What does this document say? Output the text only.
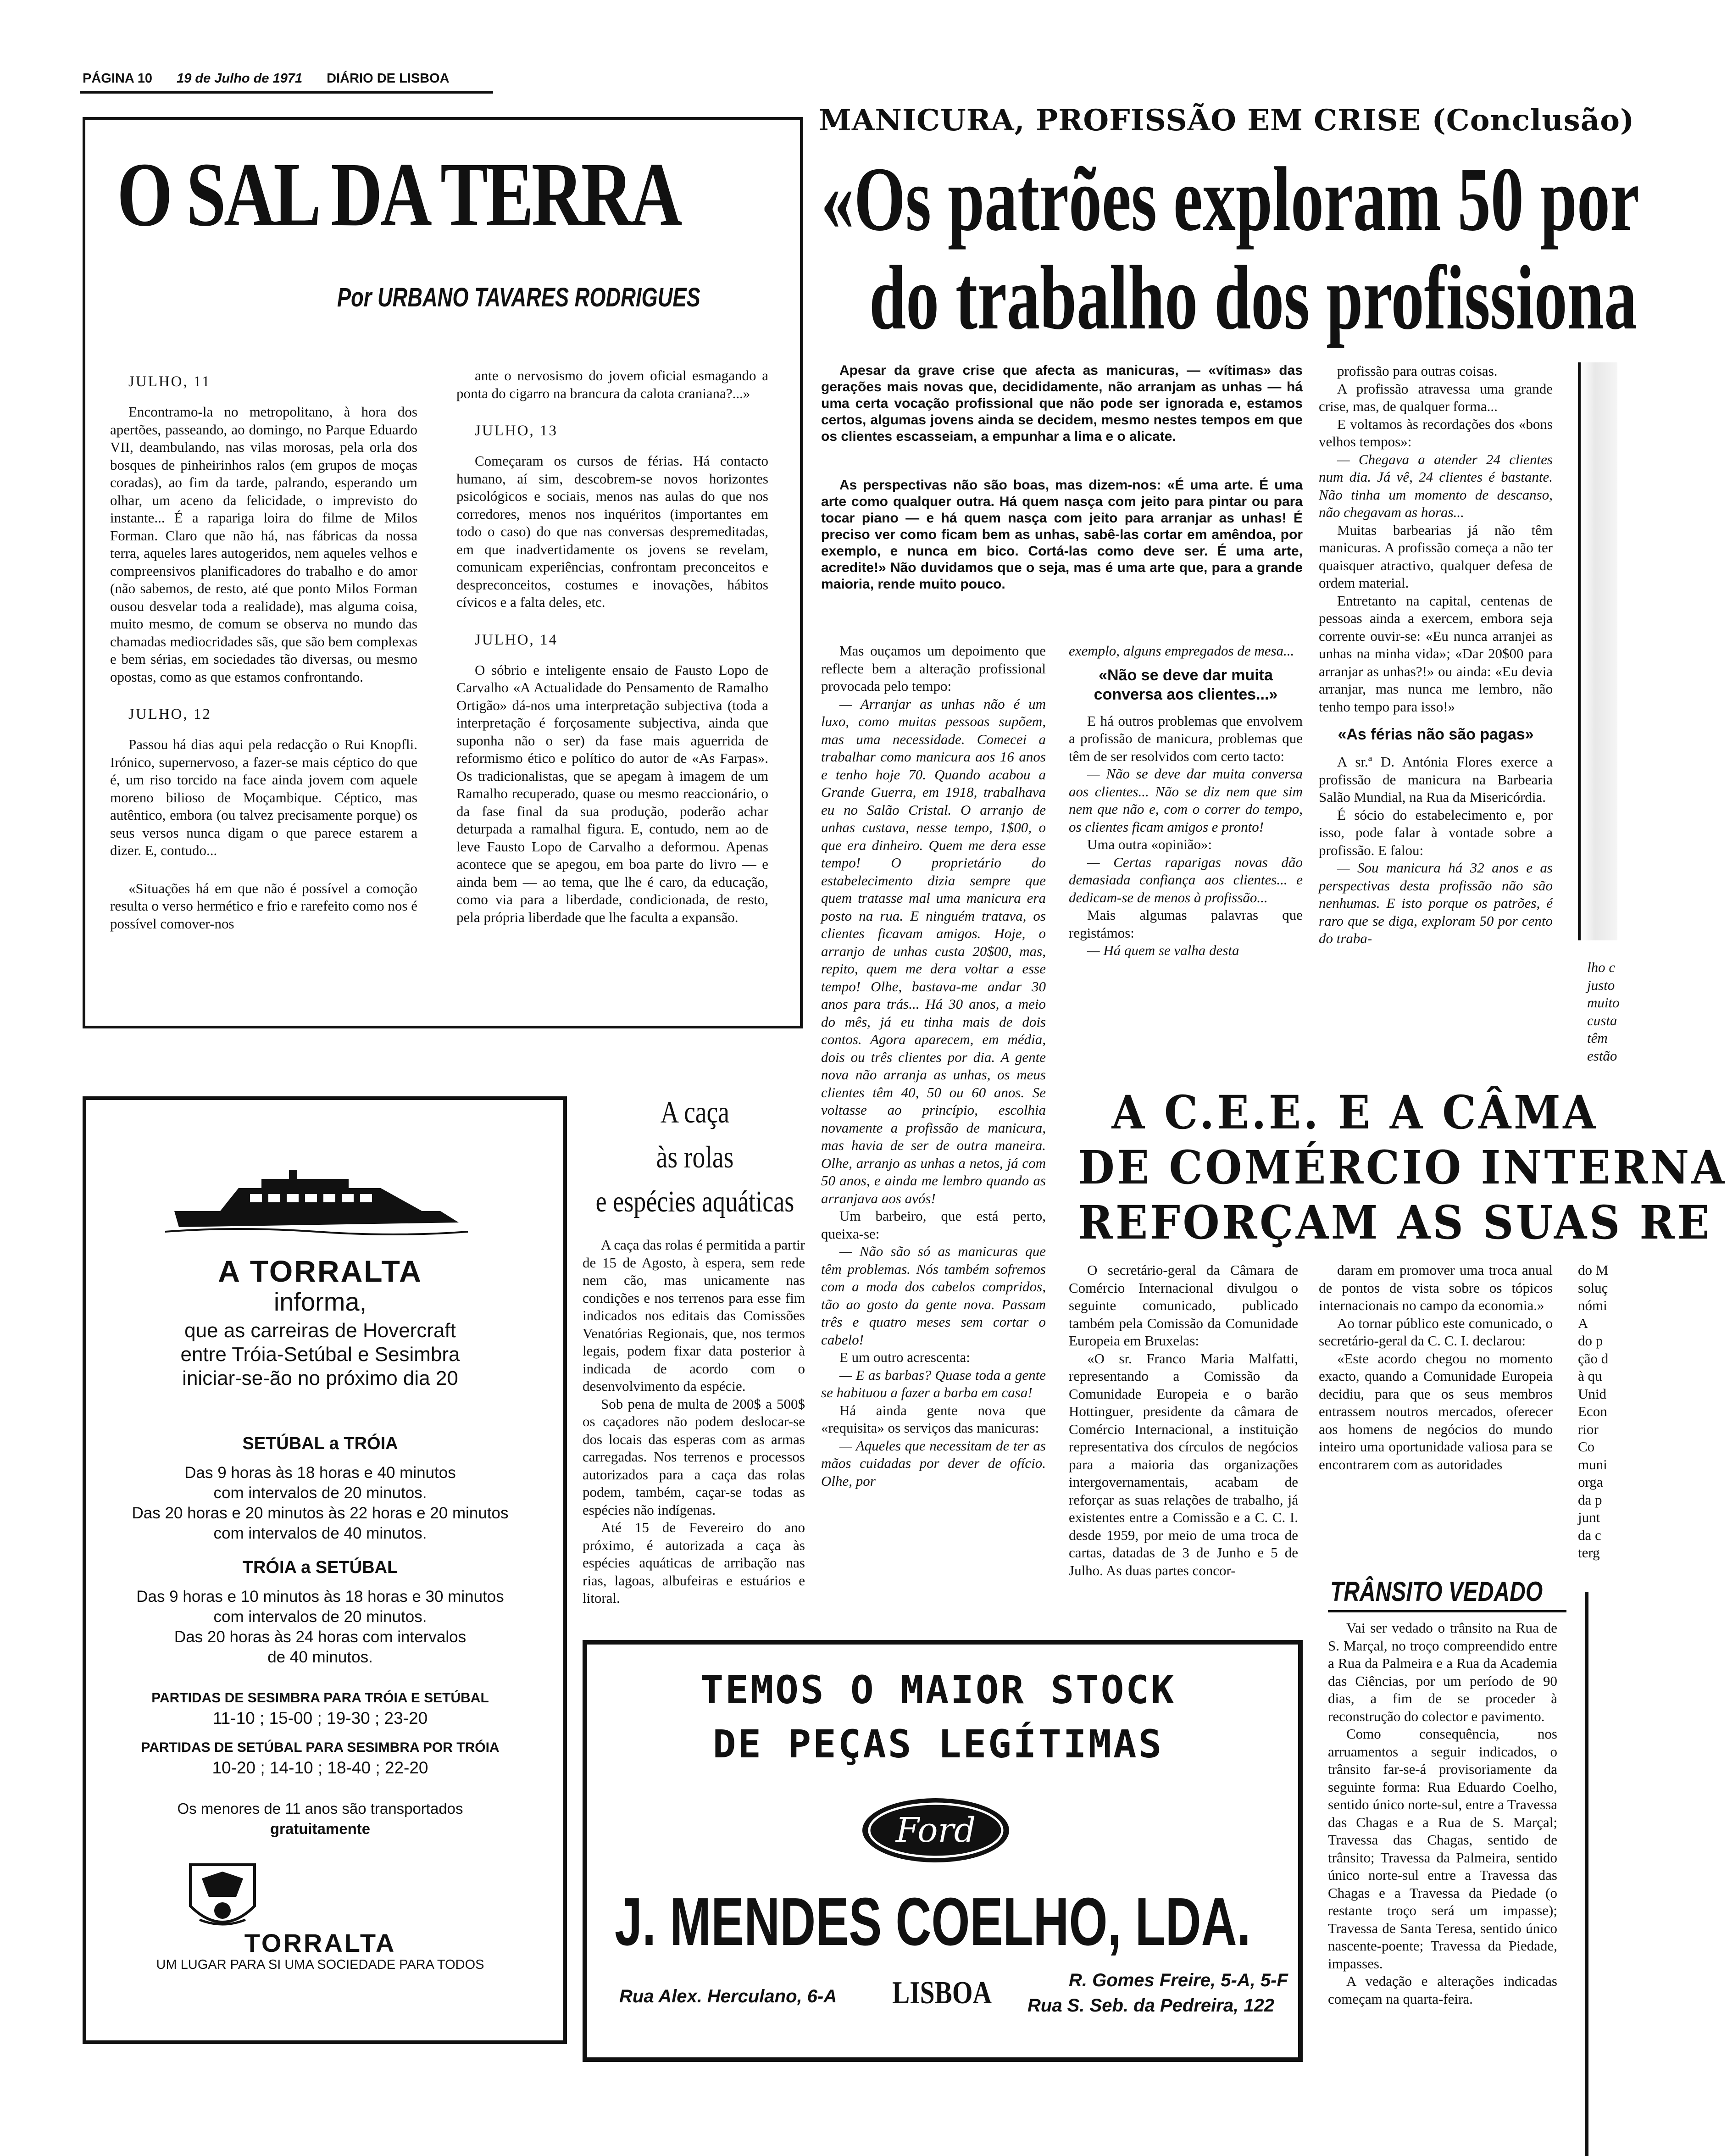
PÁGINA 10 19 de Julho de 1971 DIÁRIO DE LISBOA
O SAL DA TERRA
Por URBANO TAVARES RODRIGUES
JULHO, 11
Encontramo-la no metropolitano, à hora dos apertões, passeando, ao domingo, no Parque Eduardo VII, deambulando, nas vilas morosas, pela orla dos bosques de pinheirinhos ralos (em grupos de moças coradas), ao fim da tarde, palrando, esperando um olhar, um aceno da felicidade, o imprevisto do instante... É a rapariga loira do filme de Milos Forman. Claro que não há, nas fábricas da nossa terra, aqueles lares autogeridos, nem aqueles velhos e compreensivos planificadores do trabalho e do amor (não sabemos, de resto, até que ponto Milos Forman ousou desvelar toda a realidade), mas alguma coisa, muito mesmo, de comum se observa no mundo das chamadas mediocridades sãs, que são bem complexas e bem sérias, em sociedades tão diversas, ou mesmo opostas, como as que estamos confrontando.
JULHO, 12
Passou há dias aqui pela redacção o Rui Knopfli. Irónico, supernervoso, a fazer-se mais céptico do que é, um riso torcido na face ainda jovem com aquele moreno bilioso de Moçambique. Céptico, mas autêntico, embora (ou talvez precisamente porque) os seus versos nunca digam o que parece estarem a dizer. E, contudo...
«Situações há em que não é possível a comoção resulta o verso hermético e frio e rarefeito como nos é possível comover-nos
ante o nervosismo do jovem oficial esmagando a ponta do cigarro na brancura da calota craniana?...»
JULHO, 13
Começaram os cursos de férias. Há contacto humano, aí sim, descobrem-se novos horizontes psicológicos e sociais, menos nas aulas do que nos corredores, menos nos inquéritos (importantes em todo o caso) do que nas conversas despremeditadas, em que inadvertidamente os jovens se revelam, comunicam experiências, confrontam preconceitos e despreconceitos, costumes e inovações, hábitos cívicos e a falta deles, etc.
JULHO, 14
O sóbrio e inteligente ensaio de Fausto Lopo de Carvalho «A Actualidade do Pensamento de Ramalho Ortigão» dá-nos uma interpretação subjectiva (toda a interpretação é forçosamente subjectiva, ainda que suponha não o ser) da fase mais aguerrida de reformismo ético e político do autor de «As Farpas». Os tradicionalistas, que se apegam à imagem de um Ramalho recuperado, quase ou mesmo reaccionário, o da fase final da sua produção, poderão achar deturpada a ramalhal figura. E, contudo, nem ao de leve Fausto Lopo de Carvalho a deformou. Apenas acontece que se apegou, em boa parte do livro — e ainda bem — ao tema, que lhe é caro, da educação, como via para a liberdade, condicionada, de resto, pela própria liberdade que lhe faculta a expansão.
MANICURA, PROFISSÃO EM CRISE (Conclusão)
«Os patrões exploram 50 por
do trabalho dos profissiona
Apesar da grave crise que afecta as manicuras, — «vítimas» das gerações mais novas que, decididamente, não arranjam as unhas — há uma certa vocação profissional que não pode ser ignorada e, estamos certos, algumas jovens ainda se decidem, mesmo nestes tempos em que os clientes escasseiam, a empunhar a lima e o alicate.
As perspectivas não são boas, mas dizem-nos: «É uma arte. É uma arte como qualquer outra. Há quem nasça com jeito para pintar ou para tocar piano — e há quem nasça com jeito para arranjar as unhas! É preciso ver como ficam bem as unhas, sabê-las cortar em amêndoa, por exemplo, e nunca em bico. Cortá-las como deve ser. É uma arte, acredite!» Não duvidamos que o seja, mas é uma arte que, para a grande maioria, rende muito pouco.
Mas ouçamos um depoimento que reflecte bem a alteração profissional provocada pelo tempo:
— Arranjar as unhas não é um luxo, como muitas pessoas supõem, mas uma necessidade. Comecei a trabalhar como manicura aos 16 anos e tenho hoje 70. Quando acabou a Grande Guerra, em 1918, trabalhava eu no Salão Cristal. O arranjo de unhas custava, nesse tempo, 1$00, o que era dinheiro. Quem me dera esse tempo! O proprietário do estabelecimento dizia sempre que quem tratasse mal uma manicura era posto na rua. E ninguém tratava, os clientes ficavam amigos. Hoje, o arranjo de unhas custa 20$00, mas, repito, quem me dera voltar a esse tempo! Olhe, bastava-me andar 30 anos para trás... Há 30 anos, a meio do mês, já eu tinha mais de dois contos. Agora aparecem, em média, dois ou três clientes por dia. A gente nova não arranja as unhas, os meus clientes têm 40, 50 ou 60 anos. Se voltasse ao princípio, escolhia novamente a profissão de manicura, mas havia de ser de outra maneira. Olhe, arranjo as unhas a netos, já com 50 anos, e ainda me lembro quando as arranjava aos avós!
Um barbeiro, que está perto, queixa-se:
— Não são só as manicuras que têm problemas. Nós também sofremos com a moda dos cabelos compridos, tão ao gosto da gente nova. Passam três e quatro meses sem cortar o cabelo!
E um outro acrescenta:
— E as barbas? Quase toda a gente se habituou a fazer a barba em casa!
Há ainda gente nova que «requisita» os serviços das manicuras:
— Aqueles que necessitam de ter as mãos cuidadas por dever de ofício. Olhe, por
exemplo, alguns empregados de mesa...
«Não se deve dar muita conversa aos clientes...»
E há outros problemas que envolvem a profissão de manicura, problemas que têm de ser resolvidos com certo tacto:
— Não se deve dar muita conversa aos clientes... Não se diz nem que sim nem que não e, com o correr do tempo, os clientes ficam amigos e pronto!
Uma outra «opinião»:
— Certas raparigas novas dão demasiada confiança aos clientes... e dedicam-se de menos à profissão...
Mais algumas palavras que registámos:
— Há quem se valha desta
profissão para outras coisas.
A profissão atravessa uma grande crise, mas, de qualquer forma...
E voltamos às recordações dos «bons velhos tempos»:
— Chegava a atender 24 clientes num dia. Já vê, 24 clientes é bastante. Não tinha um momento de descanso, não chegavam as horas...
Muitas barbearias já não têm manicuras. A profissão começa a não ter quaisquer atractivo, qualquer defesa de ordem material.
Entretanto na capital, centenas de pessoas ainda a exercem, embora seja corrente ouvir-se: «Eu nunca arranjei as unhas na minha vida»; «Dar 20$00 para arranjar as unhas?!» ou ainda: «Eu devia arranjar, mas nunca me lembro, não tenho tempo para isso!»
«As férias não são pagas»
A sr.ª D. Antónia Flores exerce a profissão de manicura na Barbearia Salão Mundial, na Rua da Misericórdia.
É sócio do estabelecimento e, por isso, pode falar à vontade sobre a profissão. E falou:
— Sou manicura há 32 anos e as perspectivas desta profissão não são nenhumas. E isto porque os patrões, é raro que se diga, exploram 50 por cento do traba-
lho c
justo
muito
custa
têm
estão
A TORRALTA
informa,
que as carreiras de Hovercraft
entre Tróia-Setúbal e Sesimbra
iniciar-se-ão no próximo dia 20
SETÚBAL a TRÓIA
Das 9 horas às 18 horas e 40 minutos
com intervalos de 20 minutos.
Das 20 horas e 20 minutos às 22 horas e 20 minutos
com intervalos de 40 minutos.
TRÓIA a SETÚBAL
Das 9 horas e 10 minutos às 18 horas e 30 minutos
com intervalos de 20 minutos.
Das 20 horas às 24 horas com intervalos
de 40 minutos.
PARTIDAS DE SESIMBRA PARA TRÓIA E SETÚBAL
11-10 ; 15-00 ; 19-30 ; 23-20
PARTIDAS DE SETÚBAL PARA SESIMBRA POR TRÓIA
10-20 ; 14-10 ; 18-40 ; 22-20
Os menores de 11 anos são transportados
gratuitamente
TORRALTA
UM LUGAR PARA SI UMA SOCIEDADE PARA TODOS
A caça
às rolas
e espécies aquáticas
A caça das rolas é permitida a partir de 15 de Agosto, à espera, sem rede nem cão, mas unicamente nas condições e nos terrenos para esse fim indicados nos editais das Comissões Venatórias Regionais, que, nos termos legais, podem fixar data posterior à indicada de acordo com o desenvolvimento da espécie.
Sob pena de multa de 200$ a 500$ os caçadores não podem deslocar-se dos locais das esperas com as armas carregadas. Nos terrenos e processos autorizados para a caça das rolas podem, também, caçar-se todas as espécies não indígenas.
Até 15 de Fevereiro do ano próximo, é autorizada a caça às espécies aquáticas de arribação nas rias, lagoas, albufeiras e estuários e litoral.
A C.E.E. E A CÂMA
DE COMÉRCIO INTERNA
REFORÇAM AS SUAS RE
O secretário-geral da Câmara de Comércio Internacional divulgou o seguinte comunicado, publicado também pela Comissão da Comunidade Europeia em Bruxelas:
«O sr. Franco Maria Malfatti, representando a Comissão da Comunidade Europeia e o barão Hottinguer, presidente da câmara de Comércio Internacional, a instituição representativa dos círculos de negócios para a maioria das organizações intergovernamentais, acabam de reforçar as suas relações de trabalho, já existentes entre a Comissão e a C. C. I. desde 1959, por meio de uma troca de cartas, datadas de 3 de Junho e 5 de Julho. As duas partes concor-
daram em promover uma troca anual de pontos de vista sobre os tópicos internacionais no campo da economia.»
Ao tornar público este comunicado, o secretário-geral da C. C. I. declarou:
«Este acordo chegou no momento exacto, quando a Comunidade Europeia decidiu, para que os seus membros entrassem noutros mercados, oferecer aos homens de negócios do mundo inteiro uma oportunidade valiosa para se encontrarem com as autoridades
do M
soluç
nómi
A
do p
ção d
à qu
Unid
Econ
rior
Co
muni
orga
da p
junt
da c
terg
TRÂNSITO VEDADO
Vai ser vedado o trânsito na Rua de S. Marçal, no troço compreendido entre a Rua da Palmeira e a Rua da Academia das Ciências, por um período de 90 dias, a fim de se proceder à reconstrução do colector e pavimento.
Como consequência, nos arruamentos a seguir indicados, o trânsito far-se-á provisoriamente da seguinte forma: Rua Eduardo Coelho, sentido único norte-sul, entre a Travessa das Chagas e a Rua de S. Marçal; Travessa das Chagas, sentido de trânsito; Travessa da Palmeira, sentido único norte-sul entre a Travessa das Chagas e a Travessa da Piedade (o restante troço será um impasse); Travessa de Santa Teresa, sentido único nascente-poente; Travessa da Piedade, impasses.
A vedação e alterações indicadas começam na quarta-feira.
TEMOS O MAIOR STOCK
DE PEÇAS LEGÍTIMAS
Ford
J. MENDES COELHO, LDA.
Rua Alex. Herculano, 6-A LISBOA	R. Gomes Freire, 5-A, 5-F
Rua S. Seb. da Pedreira, 122
